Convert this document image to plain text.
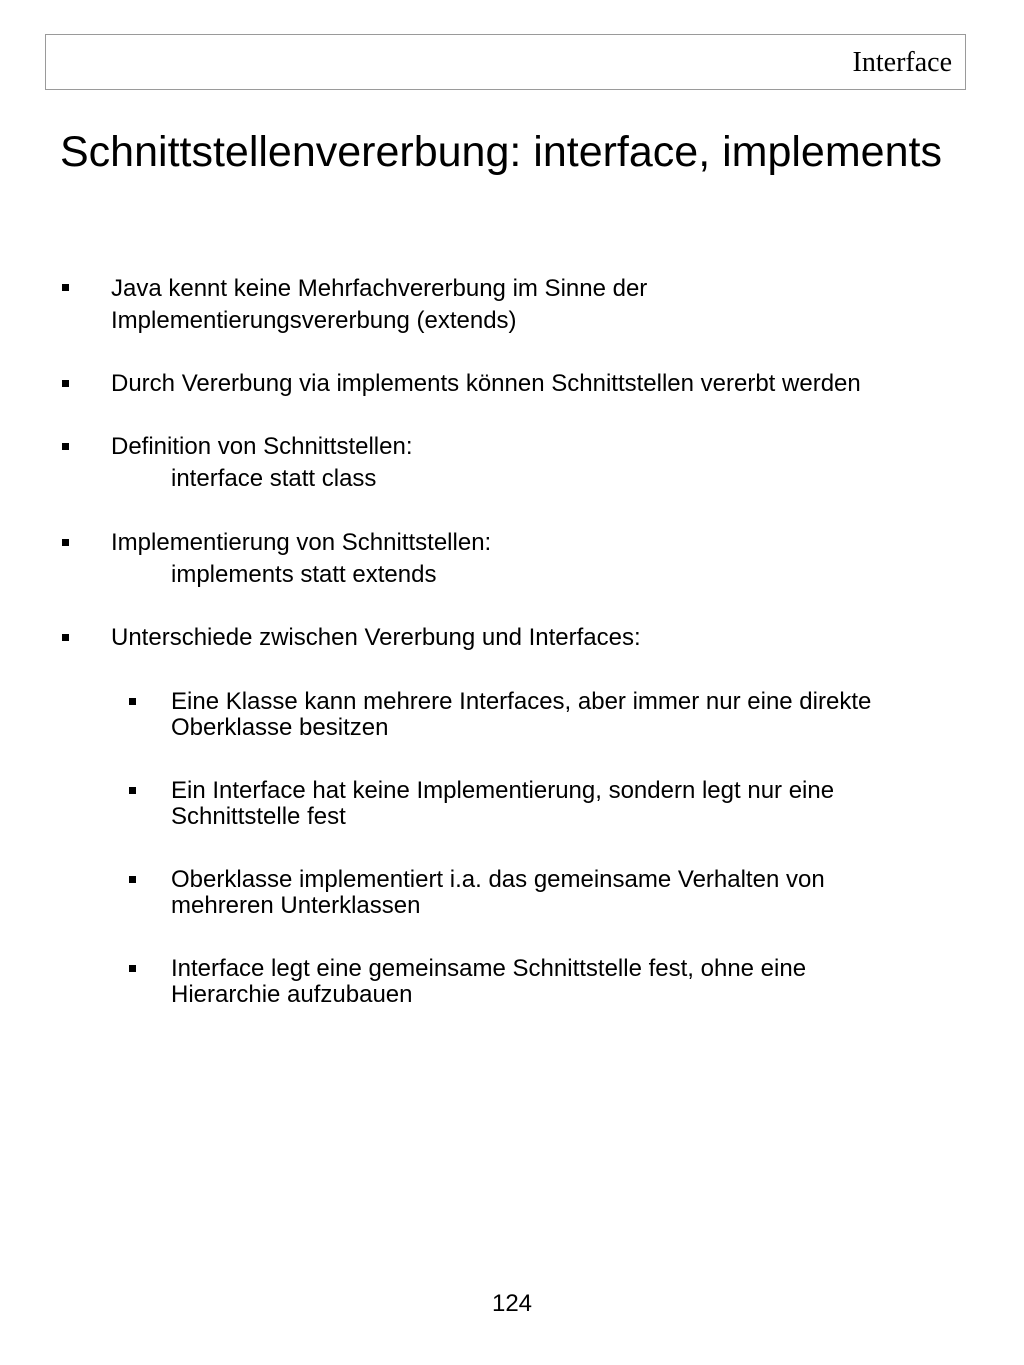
Interface
Schnittstellenvererbung: interface, implements
Java kennt keine Mehrfachvererbung im Sinne der
Implementierungsvererbung (extends)
Durch Vererbung via implements können Schnittstellen vererbt werden
Definition von Schnittstellen:
interface statt class
Implementierung von Schnittstellen:
implements statt extends
Unterschiede zwischen Vererbung und Interfaces:
Eine Klasse kann mehrere Interfaces, aber immer nur eine direkte
Oberklasse besitzen
Ein Interface hat keine Implementierung, sondern legt nur eine
Schnittstelle fest
Oberklasse implementiert i.a. das gemeinsame Verhalten von
mehreren Unterklassen
Interface legt eine gemeinsame Schnittstelle fest, ohne eine
Hierarchie aufzubauen
124
